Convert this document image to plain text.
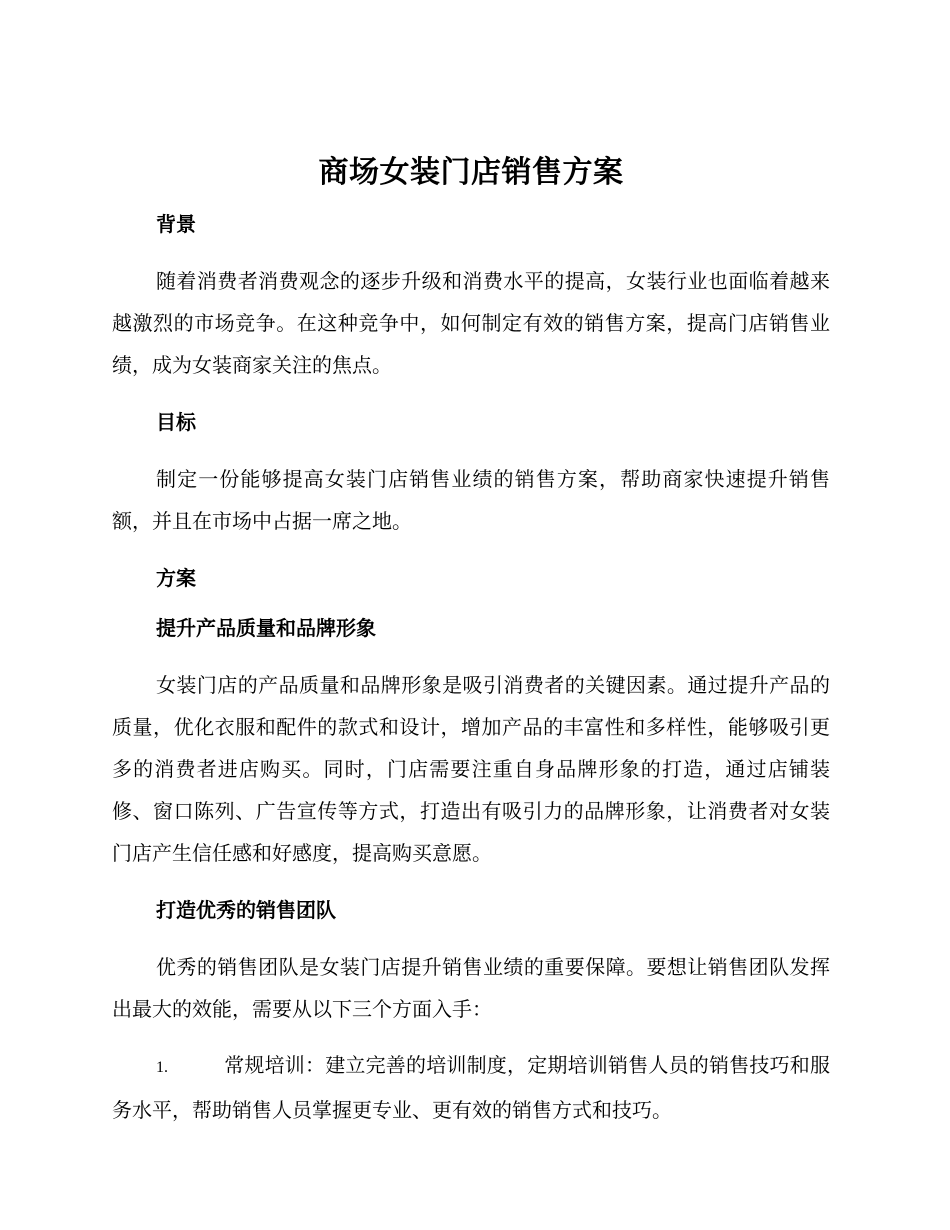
商场女装门店销售方案
背景

随着消费者消费观念的逐步升级和消费水平的提高，女装行业也面临着越来越激烈的市场竞争。在这种竞争中，如何制定有效的销售方案，提高门店销售业绩，成为女装商家关注的焦点。

目标

制定一份能够提高女装门店销售业绩的销售方案，帮助商家快速提升销售额，并且在市场中占据一席之地。

方案
提升产品质量和品牌形象

女装门店的产品质量和品牌形象是吸引消费者的关键因素。通过提升产品的质量，优化衣服和配件的款式和设计，增加产品的丰富性和多样性，能够吸引更多的消费者进店购买。同时，门店需要注重自身品牌形象的打造，通过店铺装修、窗口陈列、广告宣传等方式，打造出有吸引力的品牌形象，让消费者对女装门店产生信任感和好感度，提高购买意愿。

打造优秀的销售团队

优秀的销售团队是女装门店提升销售业绩的重要保障。要想让销售团队发挥出最大的效能，需要从以下三个方面入手：

1.	常规培训：建立完善的培训制度，定期培训销售人员的销售技巧和服务水平，帮助销售人员掌握更专业、更有效的销售方式和技巧。
